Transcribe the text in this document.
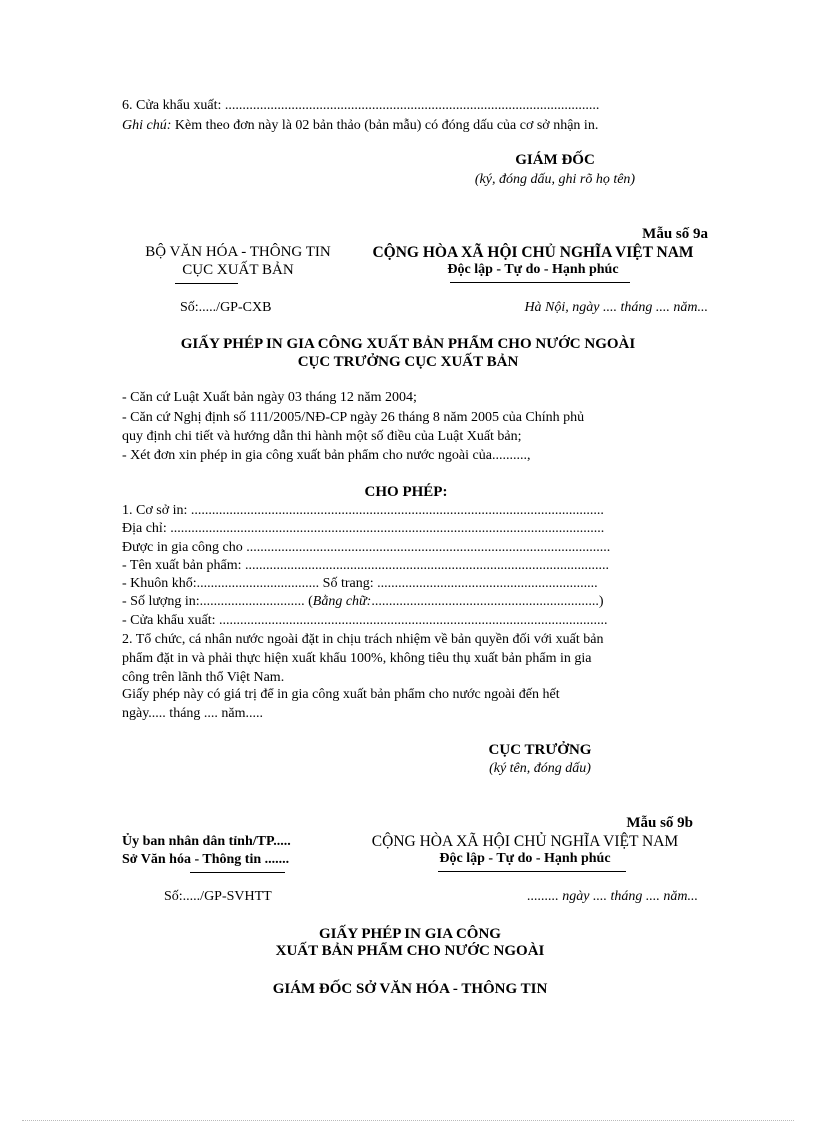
6. Cửa khẩu xuất: ...........................................................................................................
Ghi chú: Kèm theo đơn này là 02 bản thảo (bản mẫu) có đóng dấu của cơ sở nhận in.
GIÁM ĐỐC
(ký, đóng dấu, ghi rõ họ tên)
Mẫu số 9a
BỘ VĂN HÓA - THÔNG TIN
CỤC XUẤT BẢN
CỘNG HÒA XÃ HỘI CHỦ NGHĨA VIỆT NAM
Độc lập - Tự do - Hạnh phúc
Số:...../GP-CXB	Hà Nội, ngày .... tháng .... năm...
GIẤY PHÉP IN GIA CÔNG XUẤT BẢN PHẨM CHO NƯỚC NGOÀI
CỤC TRƯỞNG CỤC XUẤT BẢN
- Căn cứ Luật Xuất bản ngày 03 tháng 12 năm 2004;
- Căn cứ Nghị định số 111/2005/NĐ-CP ngày 26 tháng 8 năm 2005 của Chính phủ
quy định chi tiết và hướng dẫn thi hành một số điều của Luật Xuất bản;
- Xét đơn xin phép in gia công xuất bản phẩm cho nước ngoài của..........,
CHO PHÉP:
1. Cơ sở in: ......................................................................................................................
Địa chỉ: ............................................................................................................................
Được in gia công cho ........................................................................................................
- Tên xuất bản phẩm: ........................................................................................................
- Khuôn khổ:................................... Số trang: ...............................................................
- Số lượng in:.............................. (Bằng chữ:.................................................................)
- Cửa khẩu xuất: ...............................................................................................................
2. Tổ chức, cá nhân nước ngoài đặt in chịu trách nhiệm về bản quyền đối với xuất bản
phẩm đặt in và phải thực hiện xuất khẩu 100%, không tiêu thụ xuất bản phẩm in gia
công trên lãnh thổ Việt Nam.
Giấy phép này có giá trị để in gia công xuất bản phẩm cho nước ngoài đến hết
ngày..... tháng .... năm.....
CỤC TRƯỞNG
(ký tên, đóng dấu)
Mẫu số 9b
Ủy ban nhân dân tỉnh/TP.....
Sở Văn hóa - Thông tin .......
CỘNG HÒA XÃ HỘI CHỦ NGHĨA VIỆT NAM
Độc lập - Tự do - Hạnh phúc
Số:...../GP-SVHTT	......... ngày .... tháng .... năm...
GIẤY PHÉP IN GIA CÔNG
XUẤT BẢN PHẨM CHO NƯỚC NGOÀI
GIÁM ĐỐC SỞ VĂN HÓA - THÔNG TIN
